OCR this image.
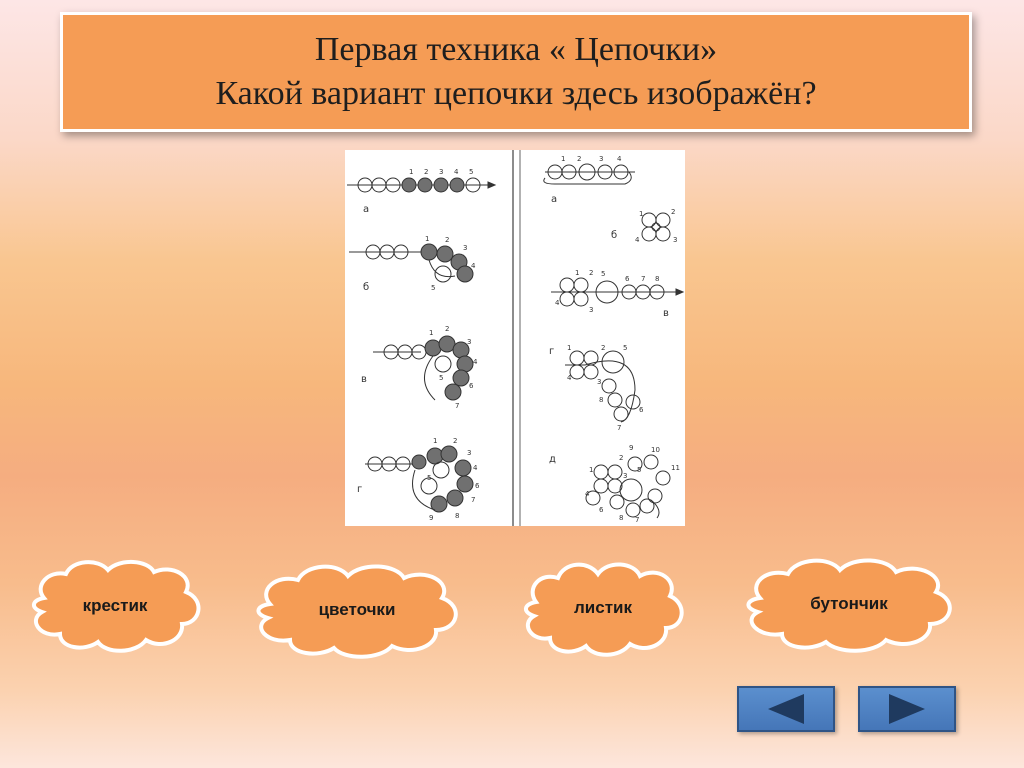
Первая техника « Цепочки»
Какой вариант цепочки здесь изображён?
1 2 3 4 5
а
1 2
3
4
5
б
1 2
3
4
5
6
7
в
1 2
3
4
5
6
7
8
9
г
1 2	3 4
а
1	2
3
4
б
1 2
3
4
5
6 7 8
в
1	2
3
4
5
6
7
8
г
1
2
3
4
5
6
7
8
9	10
11
д
крестик	цветочки	листик	бутончик
